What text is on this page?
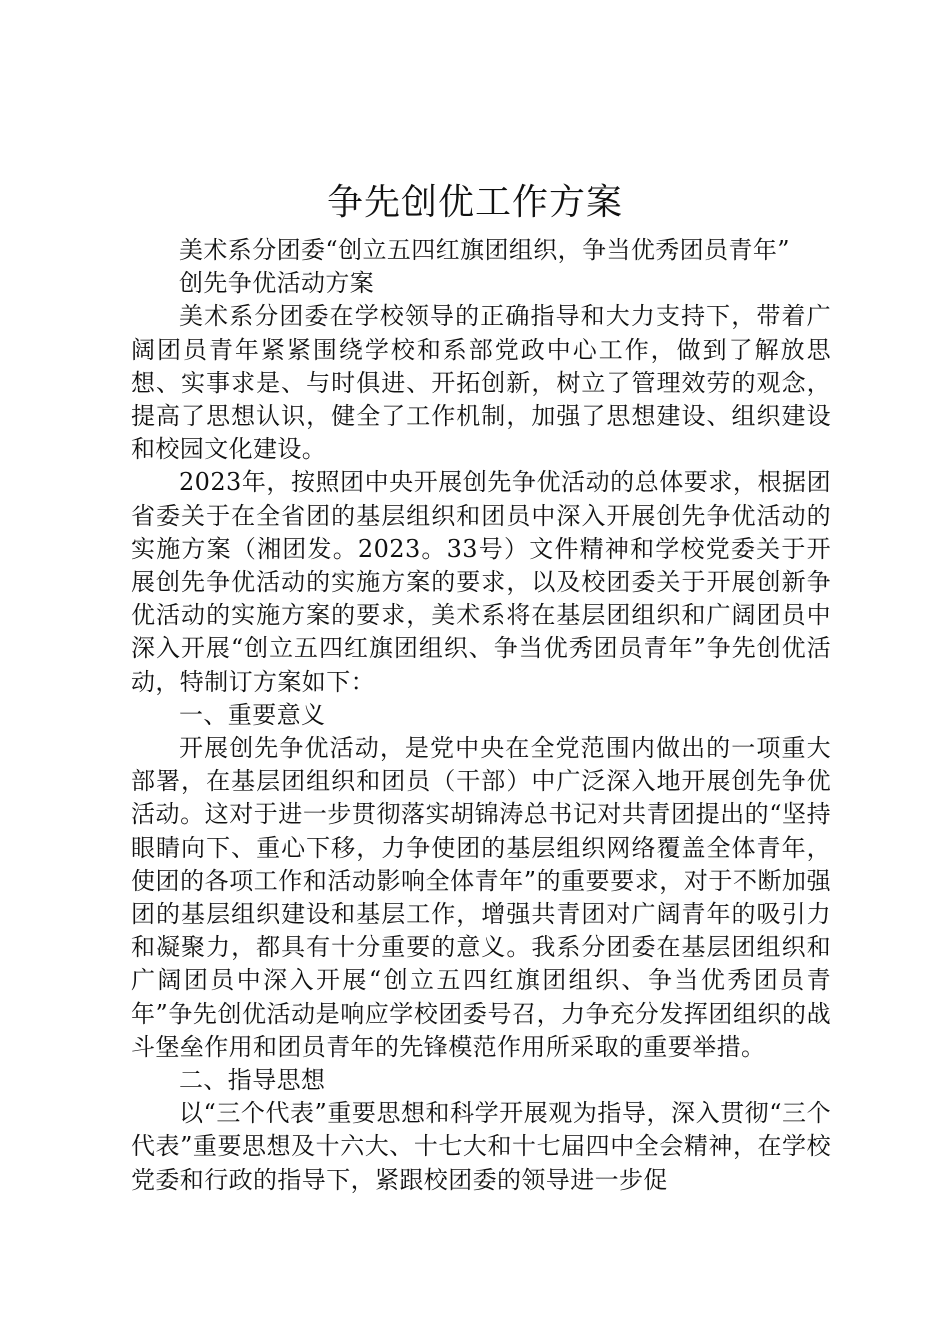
争先创优工作方案

美术系分团委“创立五四红旗团组织，争当优秀团员青年”

创先争优活动方案

美术系分团委在学校领导的正确指导和大力支持下，带着广阔团员青年紧紧围绕学校和系部党政中心工作，做到了解放思想、实事求是、与时俱进、开拓创新，树立了管理效劳的观念，提高了思想认识，健全了工作机制，加强了思想建设、组织建设和校园文化建设。

2023年，按照团中央开展创先争优活动的总体要求，根据团省委关于在全省团的基层组织和团员中深入开展创先争优活动的实施方案（湘团发。2023。33号）文件精神和学校党委关于开展创先争优活动的实施方案的要求，以及校团委关于开展创新争优活动的实施方案的要求，美术系将在基层团组织和广阔团员中深入开展“创立五四红旗团组织、争当优秀团员青年”争先创优活动，特制订方案如下：

一、重要意义

开展创先争优活动，是党中央在全党范围内做出的一项重大部署，在基层团组织和团员（干部）中广泛深入地开展创先争优活动。这对于进一步贯彻落实胡锦涛总书记对共青团提出的“坚持眼睛向下、重心下移，力争使团的基层组织网络覆盖全体青年，使团的各项工作和活动影响全体青年”的重要要求，对于不断加强团的基层组织建设和基层工作，增强共青团对广阔青年的吸引力和凝聚力，都具有十分重要的意义。我系分团委在基层团组织和广阔团员中深入开展“创立五四红旗团组织、争当优秀团员青年”争先创优活动是响应学校团委号召，力争充分发挥团组织的战斗堡垒作用和团员青年的先锋模范作用所采取的重要举措。

二、指导思想

以“三个代表”重要思想和科学开展观为指导，深入贯彻“三个代表”重要思想及十六大、十七大和十七届四中全会精神，在学校党委和行政的指导下，紧跟校团委的领导进一步促
